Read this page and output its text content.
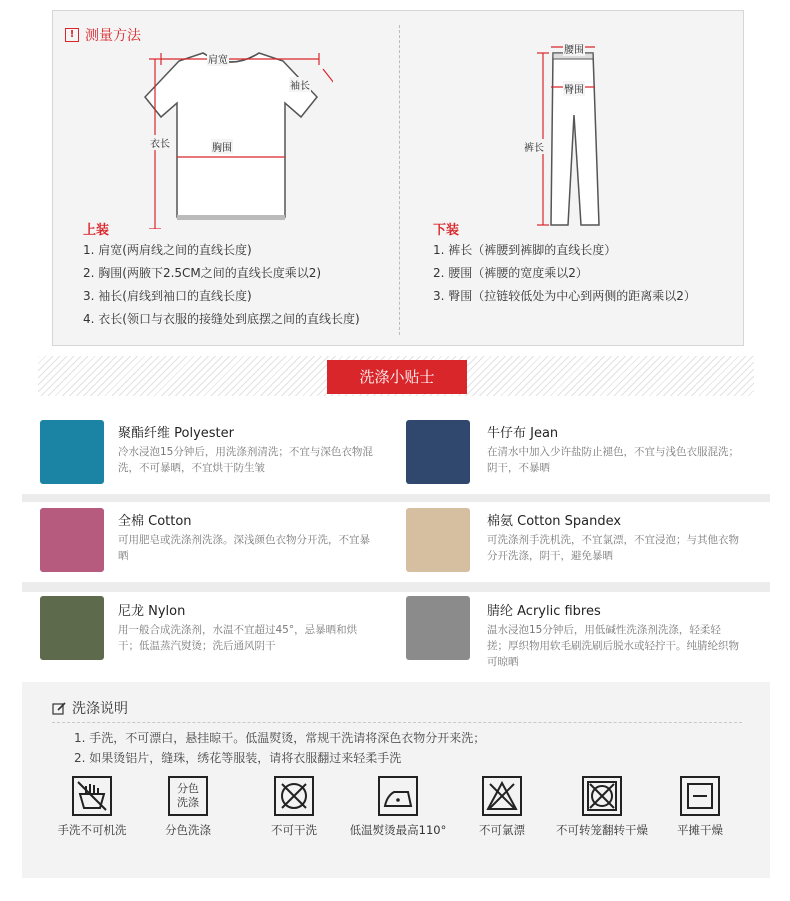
! 测量方法
肩宽
袖长
衣长	胸围
上装
1. 肩宽(两肩线之间的直线长度)
2. 胸围(两腋下2.5CM之间的直线长度乘以2)
3. 袖长(肩线到袖口的直线长度)
4. 衣长(领口与衣服的接缝处到底摆之间的直线长度)
腰围
臀围
裤长
下装
1. 裤长（裤腰到裤脚的直线长度）
2. 腰围（裤腰的宽度乘以2）
3. 臀围（拉链较低处为中心到两侧的距离乘以2）
洗涤小贴士
聚酯纤维 Polyester
冷水浸泡15分钟后，用洗涤剂清洗；不宜与深色衣物混洗，不可暴晒，不宜烘干防生皱
牛仔布 Jean
在清水中加入少许盐防止褪色，不宜与浅色衣服混洗；阴干，不暴晒
全棉 Cotton
可用肥皂或洗涤剂洗涤。深浅颜色衣物分开洗，不宜暴晒
棉氨 Cotton Spandex
可洗涤剂手洗机洗，不宜氯漂，不宜浸泡；与其他衣物分开洗涤，阴干，避免暴晒
尼龙 Nylon
用一般合成洗涤剂，水温不宜超过45°，忌暴晒和烘干；低温蒸汽熨烫；洗后通风阴干
腈纶 Acrylic fibres
温水浸泡15分钟后，用低碱性洗涤剂洗涤，轻柔轻搓；厚织物用软毛刷洗刷后脱水或轻拧干。纯腈纶织物可晾晒
洗涤说明
1. 手洗，不可漂白，悬挂晾干。低温熨烫，常规干洗请将深色衣物分开来洗；
2. 如果烫铝片，缝珠，绣花等服装，请将衣服翻过来轻柔手洗
分色
洗涤
手洗不可机洗	分色洗涤	不可干洗	低温熨烫最高110°	不可氯漂	不可转笼翻转干燥	平摊干燥
